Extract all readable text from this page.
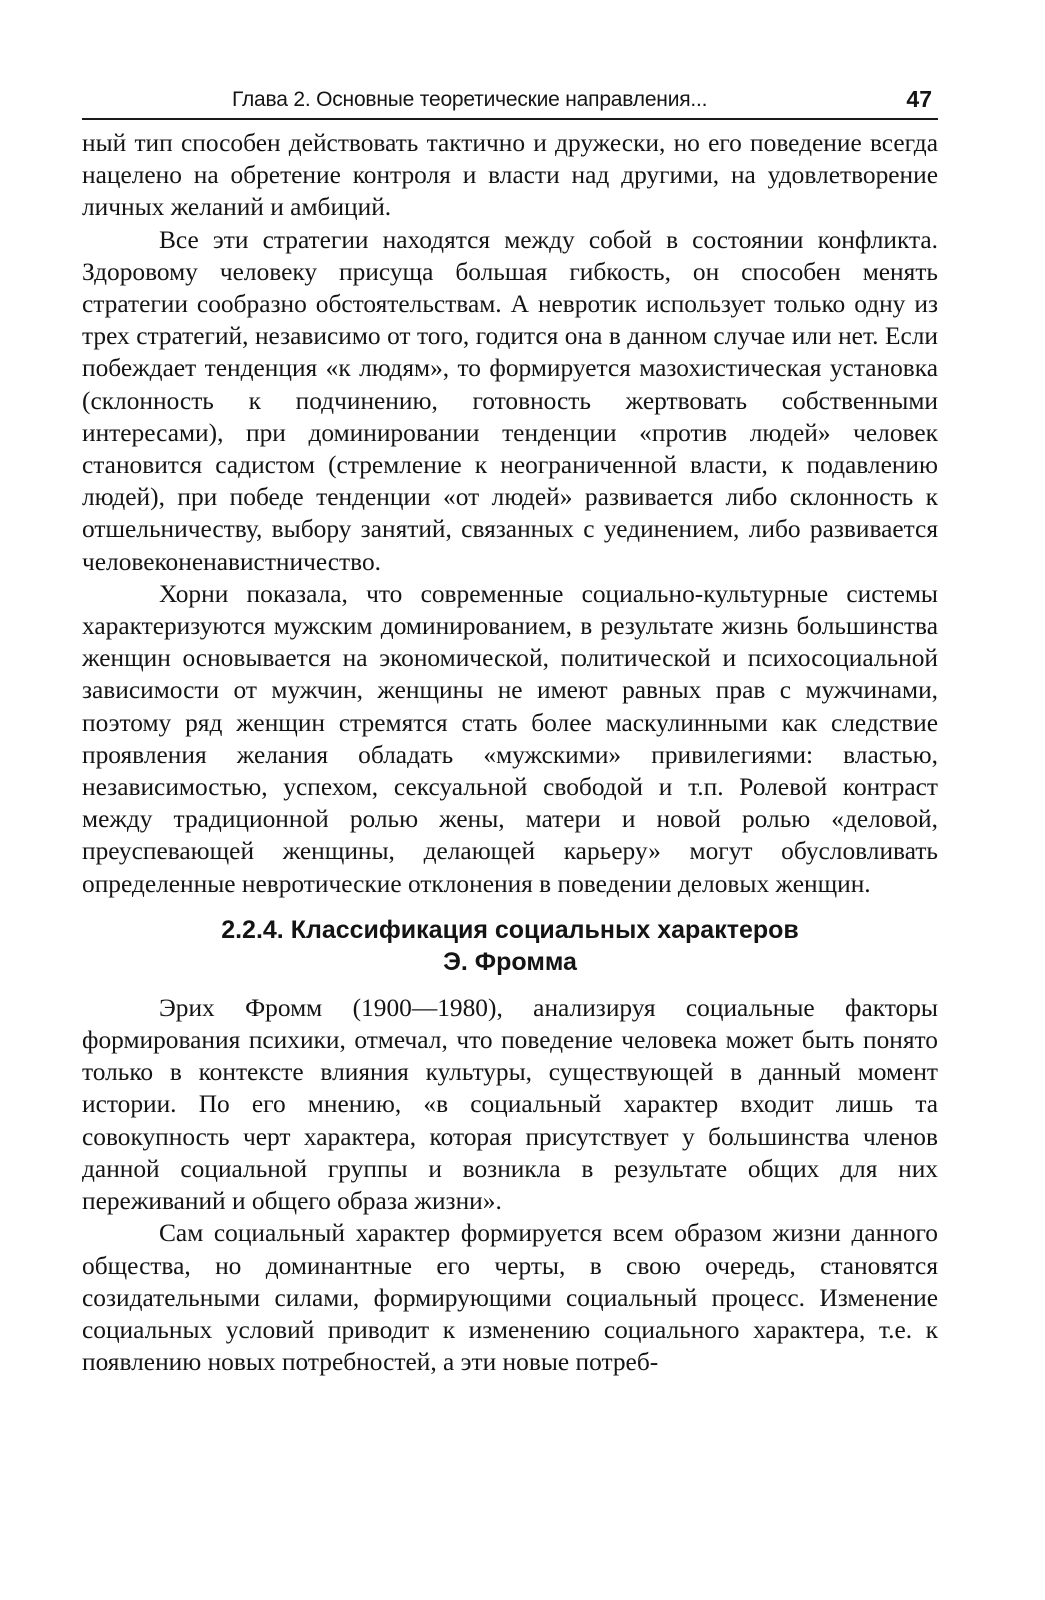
Глава 2. Основные теоретические направления...	47

ный тип способен действовать тактично и дружески, но его поведение всегда нацелено на обретение контроля и власти над другими, на удовлетворение личных желаний и амбиций.

Все эти стратегии находятся между собой в состоянии конфликта. Здоровому человеку присуща большая гибкость, он способен менять стратегии сообразно обстоятельствам. А невротик использует только одну из трех стратегий, независимо от того, годится она в данном случае или нет. Если побеждает тенденция «к людям», то формируется мазохистическая установка (склонность к подчинению, готовность жертвовать собственными интересами), при доминировании тенденции «против людей» человек становится садистом (стремление к неограниченной власти, к подавлению людей), при победе тенденции «от людей» развивается либо склонность к отшельничеству, выбору занятий, связанных с уединением, либо развивается человеконенавистничество.

Хорни показала, что современные социально-культурные системы характеризуются мужским доминированием, в результате жизнь большинства женщин основывается на экономической, политической и психосоциальной зависимости от мужчин, женщины не имеют равных прав с мужчинами, поэтому ряд женщин стремятся стать более маскулинными как следствие проявления желания обладать «мужскими» привилегиями: властью, независимостью, успехом, сексуальной свободой и т.п. Ролевой контраст между традиционной ролью жены, матери и новой ролью «деловой, преуспевающей женщины, делающей карьеру» могут обусловливать определенные невротические отклонения в поведении деловых женщин.

2.2.4. Классификация социальных характеров
Э. Фромма

Эрих Фромм (1900—1980), анализируя социальные факторы формирования психики, отмечал, что поведение человека может быть понято только в контексте влияния культуры, существующей в данный момент истории. По его мнению, «в социальный характер входит лишь та совокупность черт характера, которая присутствует у большинства членов данной социальной группы и возникла в результате общих для них переживаний и общего образа жизни».

Сам социальный характер формируется всем образом жизни данного общества, но доминантные его черты, в свою очередь, становятся созидательными силами, формирующими социальный процесс. Изменение социальных условий приводит к изменению социального характера, т.е. к появлению новых потребностей, а эти новые потреб-
